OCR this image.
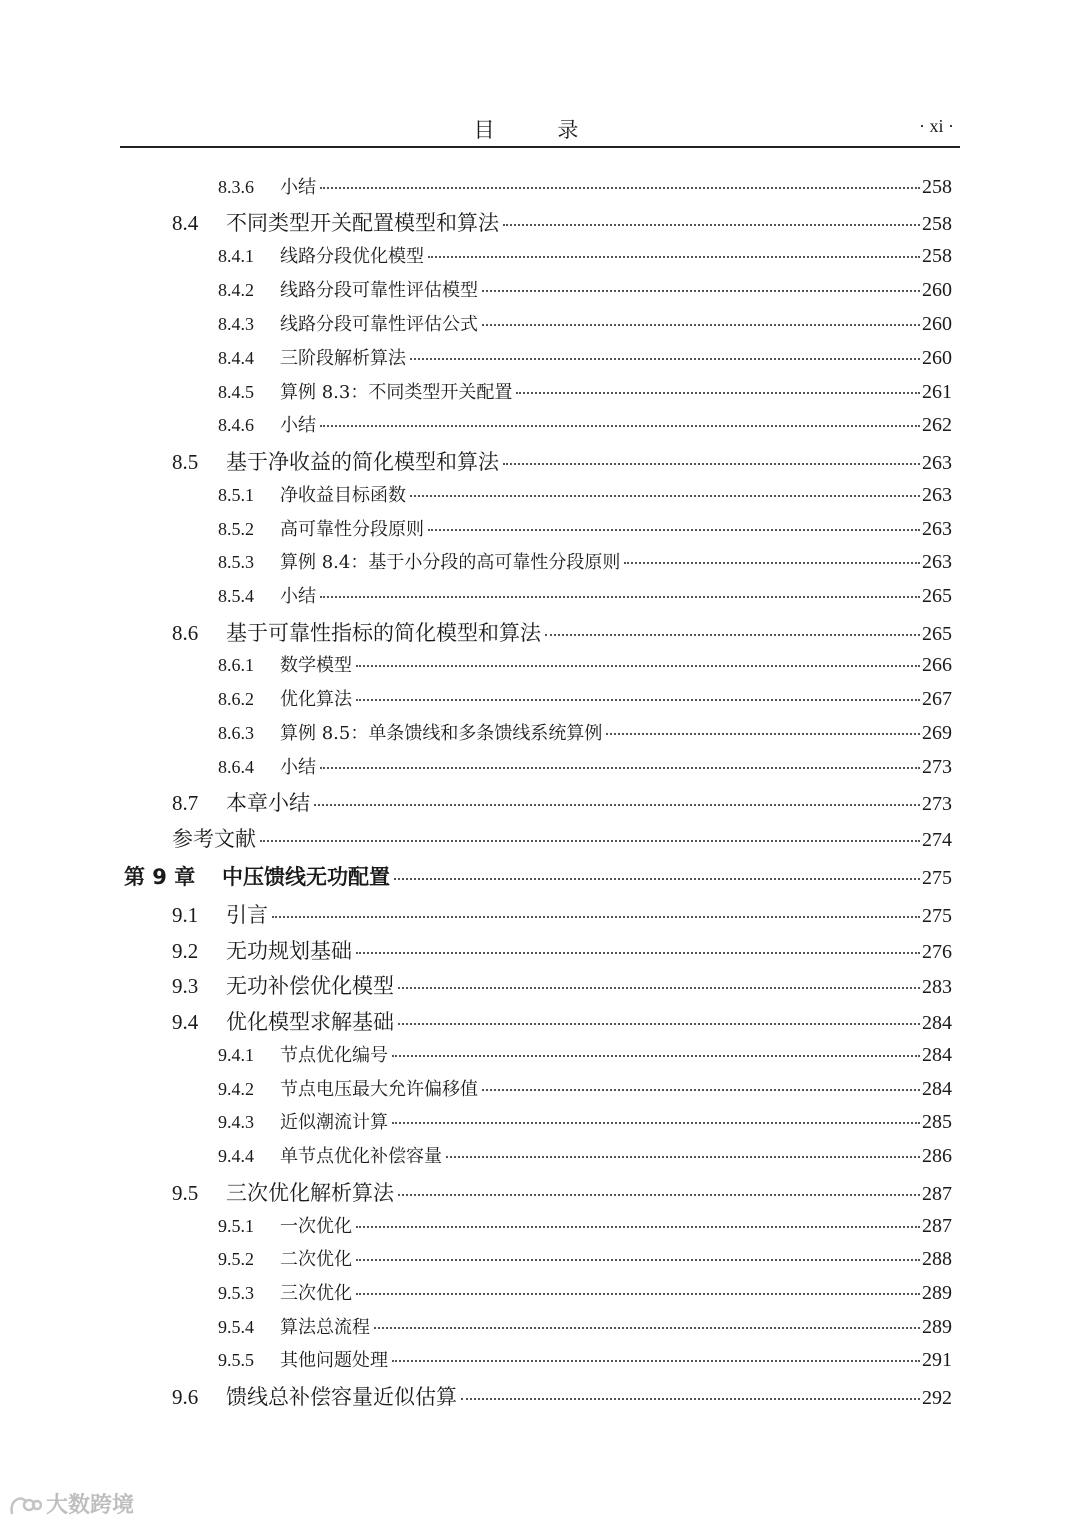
目 录	· xi ·
8.3.6	小结	258
8.4	不同类型开关配置模型和算法	258
8.4.1	线路分段优化模型	258
8.4.2	线路分段可靠性评估模型	260
8.4.3	线路分段可靠性评估公式	260
8.4.4	三阶段解析算法	260
8.4.5	算例 8.3：不同类型开关配置	261
8.4.6	小结	262
8.5	基于净收益的简化模型和算法	263
8.5.1	净收益目标函数	263
8.5.2	高可靠性分段原则	263
8.5.3	算例 8.4：基于小分段的高可靠性分段原则	263
8.5.4	小结	265
8.6	基于可靠性指标的简化模型和算法	265
8.6.1	数学模型	266
8.6.2	优化算法	267
8.6.3	算例 8.5：单条馈线和多条馈线系统算例	269
8.6.4	小结	273
8.7	本章小结	273
参考文献	274
第 9 章	中压馈线无功配置	275
9.1	引言	275
9.2	无功规划基础	276
9.3	无功补偿优化模型	283
9.4	优化模型求解基础	284
9.4.1	节点优化编号	284
9.4.2	节点电压最大允许偏移值	284
9.4.3	近似潮流计算	285
9.4.4	单节点优化补偿容量	286
9.5	三次优化解析算法	287
9.5.1	一次优化	287
9.5.2	二次优化	288
9.5.3	三次优化	289
9.5.4	算法总流程	289
9.5.5	其他问题处理	291
9.6	馈线总补偿容量近似估算	292
大数跨境
